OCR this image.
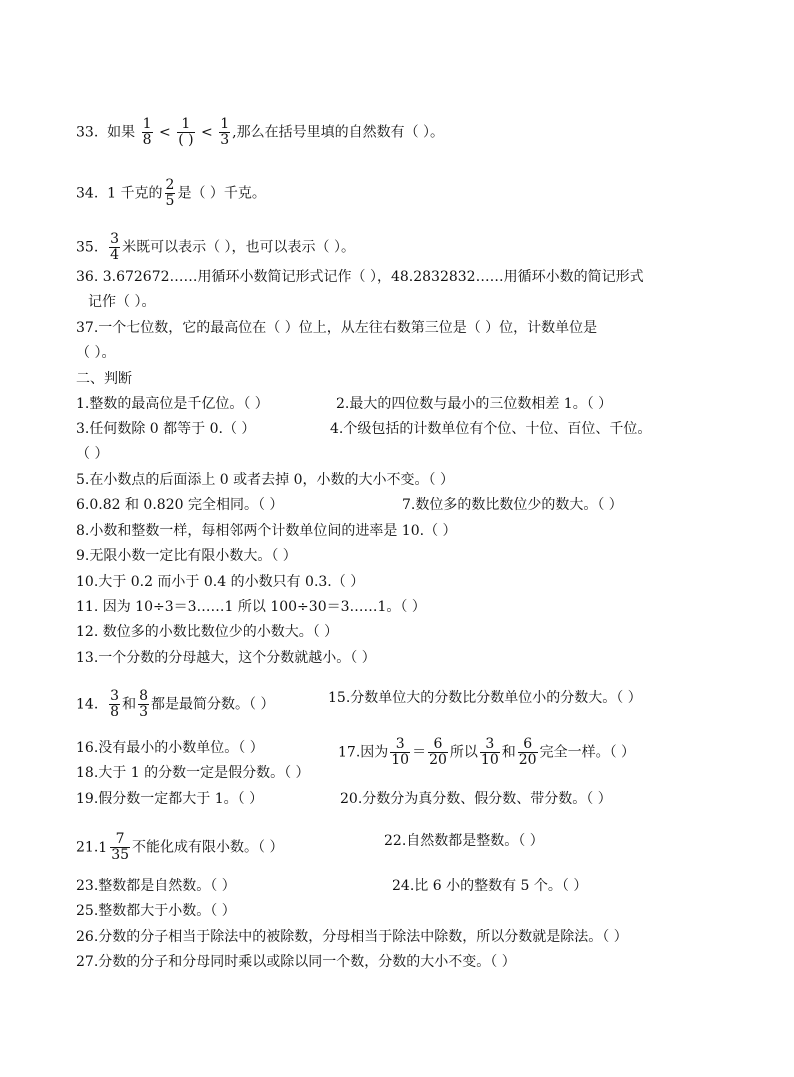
33. 如果 $\frac{1}{8} < \frac{1}{( )} < \frac{1}{3}$ ,那么在括号里填的自然数有（ ）。
34. 1 千克的 $\frac{2}{5}$ 是（ ）千克。
35. $\frac{3}{4}$ 米既可以表示（ ），也可以表示（ ）。
36. 3.672672……用循环小数简记形式记作（ ），48.2832832……用循环小数的简记形式
记作（ ）。
37.一个七位数，它的最高位在（ ）位上，从左往右数第三位是（ ）位，计数单位是
（ ）。
二、判断
1.整数的最高位是千亿位。（ ）	2.最大的四位数与最小的三位数相差 1。（ ）
3.任何数除 0 都等于 0.（ ）	4.个级包括的计数单位有个位、十位、百位、千位。
（ ）
5.在小数点的后面添上 0 或者去掉 0，小数的大小不变。（ ）
6.0.82 和 0.820 完全相同。（ ）	7.数位多的数比数位少的数大。（ ）
8.小数和整数一样，每相邻两个计数单位间的进率是 10.（ ）
9.无限小数一定比有限小数大。（ ）
10.大于 0.2 而小于 0.4 的小数只有 0.3.（ ）
11. 因为 10÷3＝3……1 所以 100÷30＝3……1。（ ）
12. 数位多的小数比数位少的小数大。（ ）
13.一个分数的分母越大，这个分数就越小。（ ）
14. $\frac{3}{8}$ 和 $\frac{8}{3}$ 都是最简分数。（ ）	15.分数单位大的分数比分数单位小的分数大。（ ）
16.没有最小的小数单位。（ ）	17.因为 $\frac{3}{10} = \frac{6}{20}$ 所以 $\frac{3}{10}$ 和 $\frac{6}{20}$ 完全一样。（ ）
18.大于 1 的分数一定是假分数。（ ）
19.假分数一定都大于 1。（ ）	20.分数分为真分数、假分数、带分数。（ ）
21. $1 \frac{7}{35}$ 不能化成有限小数。（ ）	22.自然数都是整数。（ ）
23.整数都是自然数。（ ）	24.比 6 小的整数有 5 个。（ ）
25.整数都大于小数。（ ）
26.分数的分子相当于除法中的被除数，分母相当于除法中除数，所以分数就是除法。（ ）
27.分数的分子和分母同时乘以或除以同一个数，分数的大小不变。（ ）
